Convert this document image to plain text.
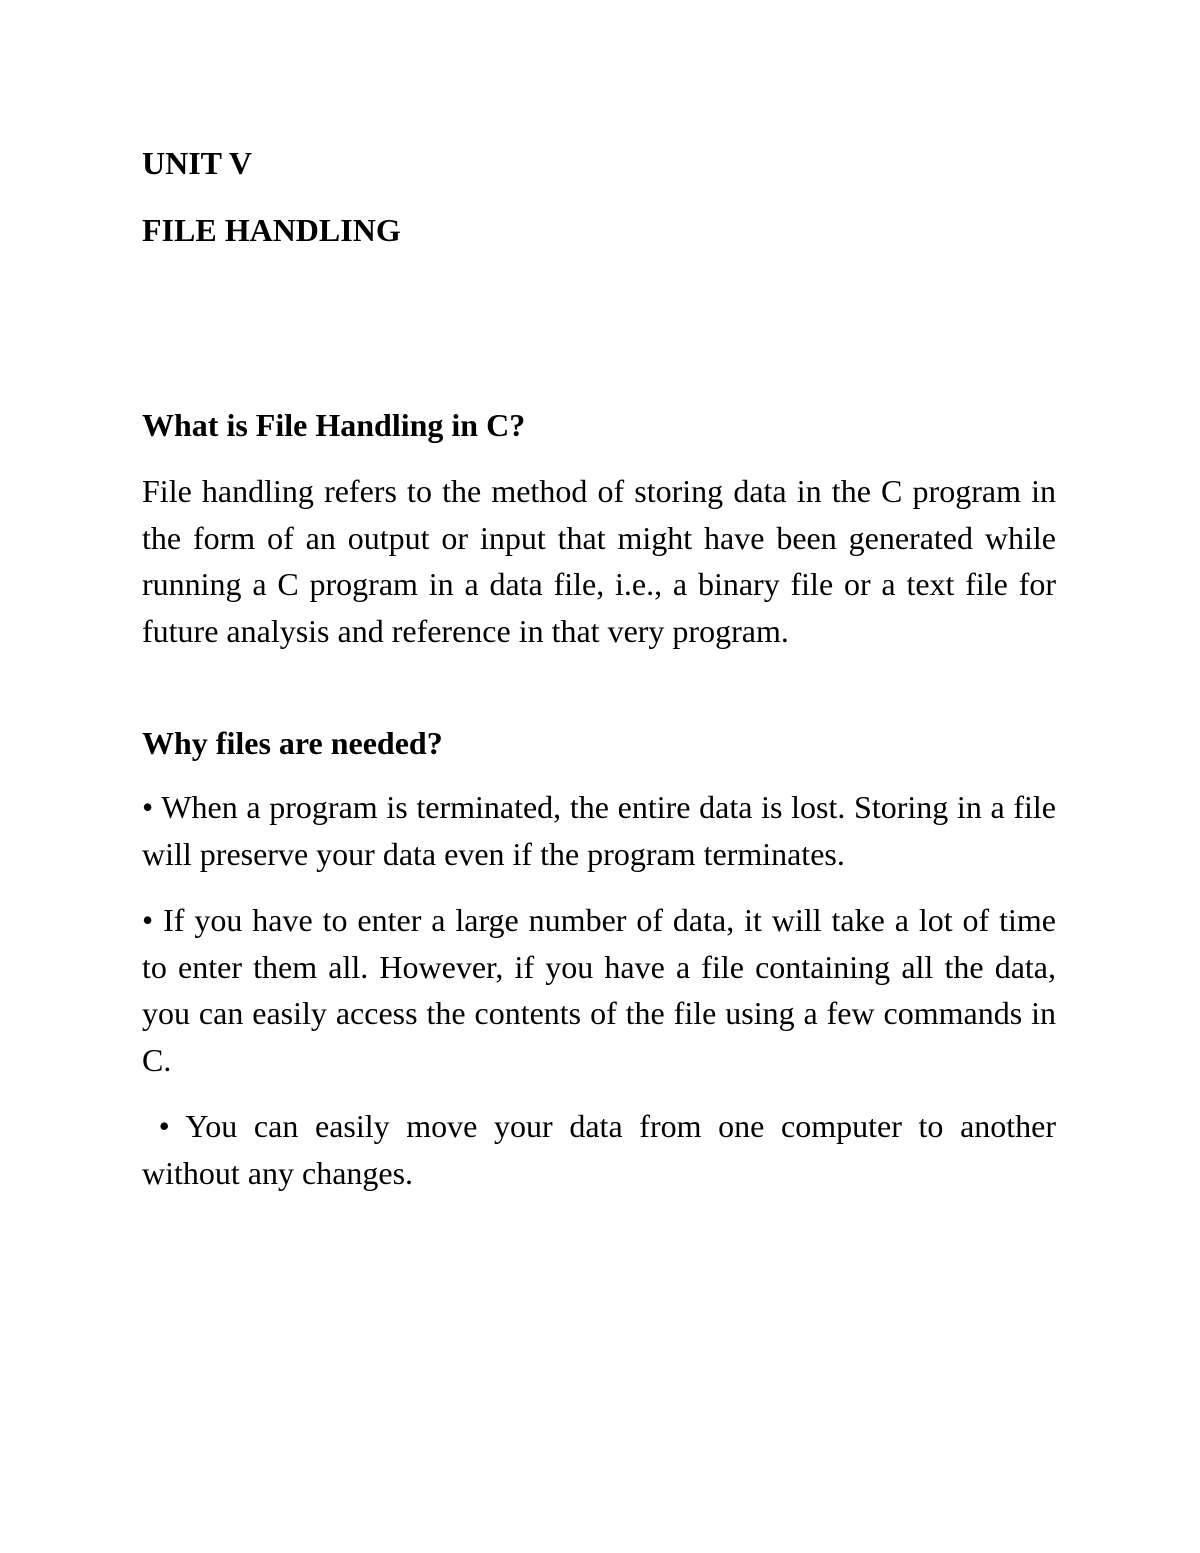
UNIT V

FILE HANDLING

What is File Handling in C?

File handling refers to the method of storing data in the C program in the form of an output or input that might have been generated while running a C program in a data file, i.e., a binary file or a text file for future analysis and reference in that very program.

Why files are needed?

• When a program is terminated, the entire data is lost. Storing in a file will preserve your data even if the program terminates.

• If you have to enter a large number of data, it will take a lot of time to enter them all. However, if you have a file containing all the data, you can easily access the contents of the file using a few commands in C.

• You can easily move your data from one computer to another without any changes.
